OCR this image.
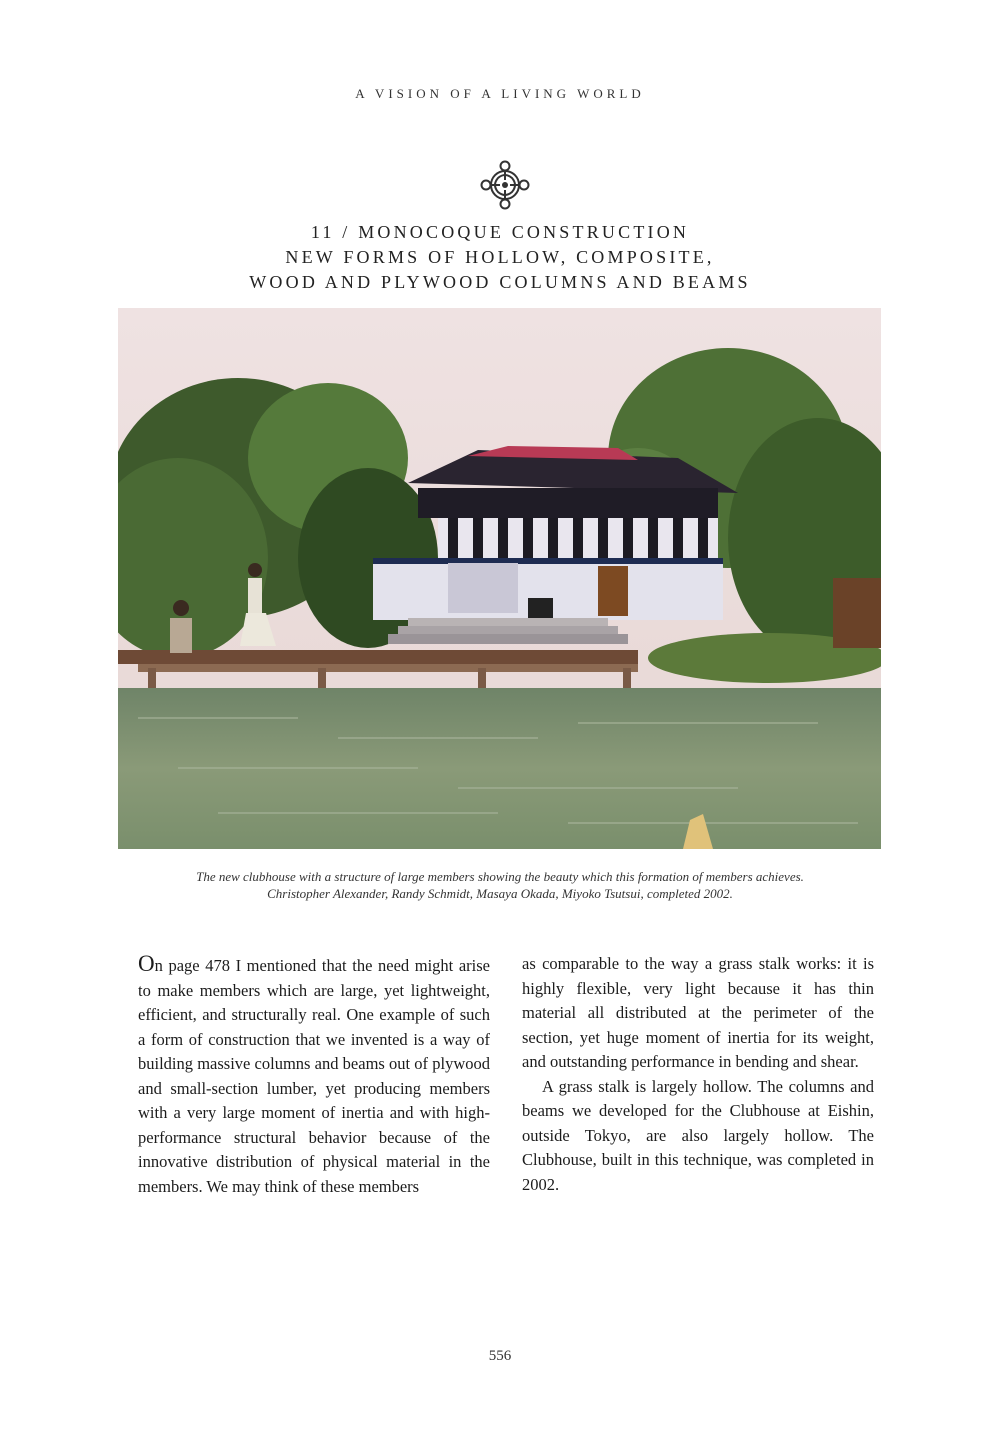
A VISION OF A LIVING WORLD
11 / MONOCOQUE CONSTRUCTION
NEW FORMS OF HOLLOW, COMPOSITE,
WOOD AND PLYWOOD COLUMNS AND BEAMS
The new clubhouse with a structure of large members showing the beauty which this formation of members achieves.
Christopher Alexander, Randy Schmidt, Masaya Okada, Miyoko Tsutsui, completed 2002.

On page 478 I mentioned that the need might arise to make members which are large, yet lightweight, efficient, and structurally real. One example of such a form of construction that we invented is a way of building massive columns and beams out of plywood and small-section lumber, yet producing members with a very large moment of inertia and with high-performance structural behavior because of the innovative distribution of physical material in the members. We may think of these members

as comparable to the way a grass stalk works: it is highly flexible, very light because it has thin material all distributed at the perimeter of the section, yet huge moment of inertia for its weight, and outstanding performance in bending and shear.

A grass stalk is largely hollow. The columns and beams we developed for the Clubhouse at Eishin, outside Tokyo, are also largely hollow. The Clubhouse, built in this technique, was completed in 2002.

556
